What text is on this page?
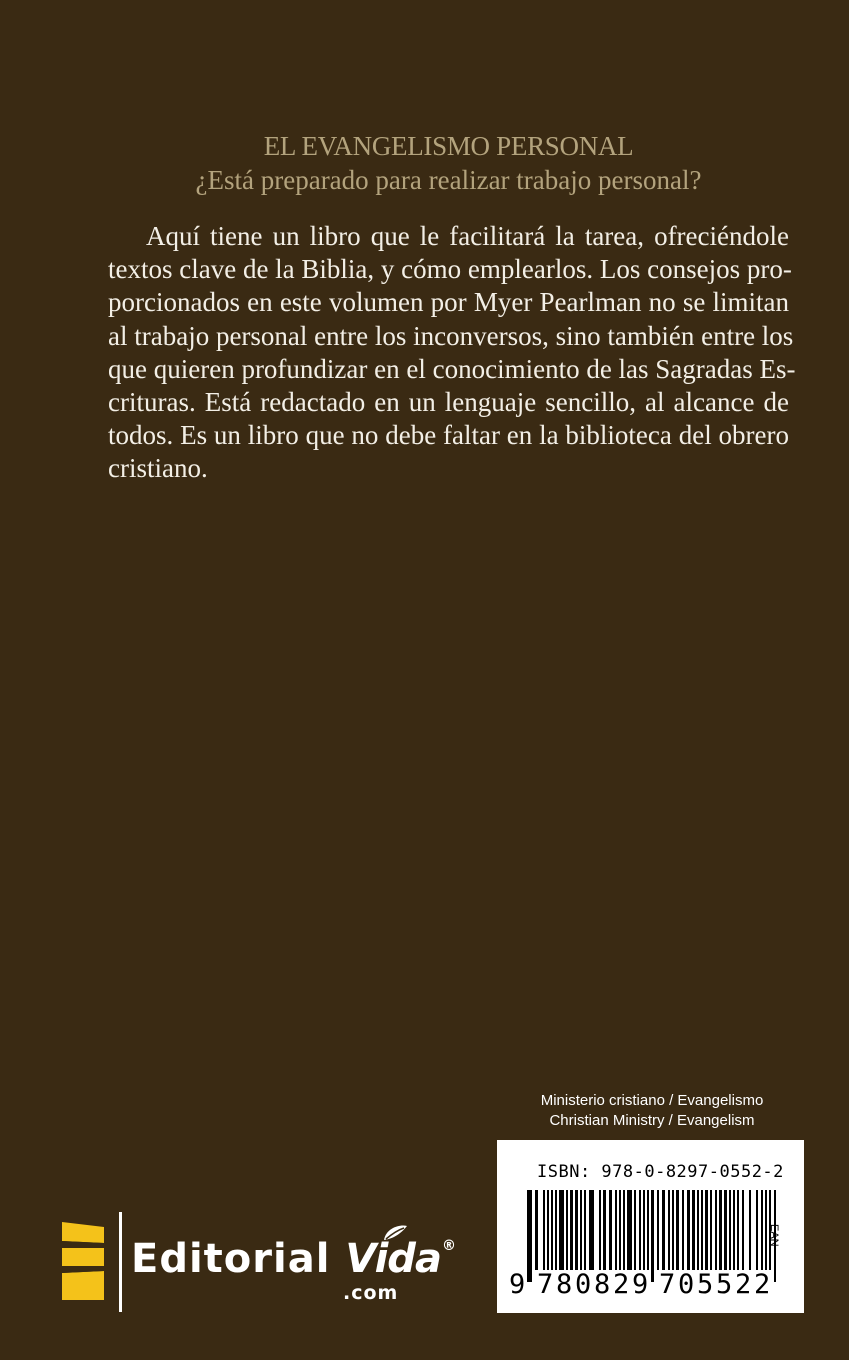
EL EVANGELISMO PERSONAL
¿Está preparado para realizar trabajo personal?
Aquí tiene un libro que le facilitará la tarea, ofreciéndole
textos clave de la Biblia, y cómo emplearlos. Los consejos pro-
porcionados en este volumen por Myer Pearlman no se limitan
al trabajo personal entre los inconversos, sino también entre los
que quieren profundizar en el conocimiento de las Sagradas Es-
crituras. Está redactado en un lenguaje sencillo, al alcance de
todos. Es un libro que no debe faltar en la biblioteca del obrero
cristiano.
Ministerio cristiano / Evangelismo
Christian Ministry / Evangelism
ISBN: 978-0-8297-0552-2
9 7 8 0 8 2 9 7 0 5 5 2 2
EAN
Editorial Vida®
.com
